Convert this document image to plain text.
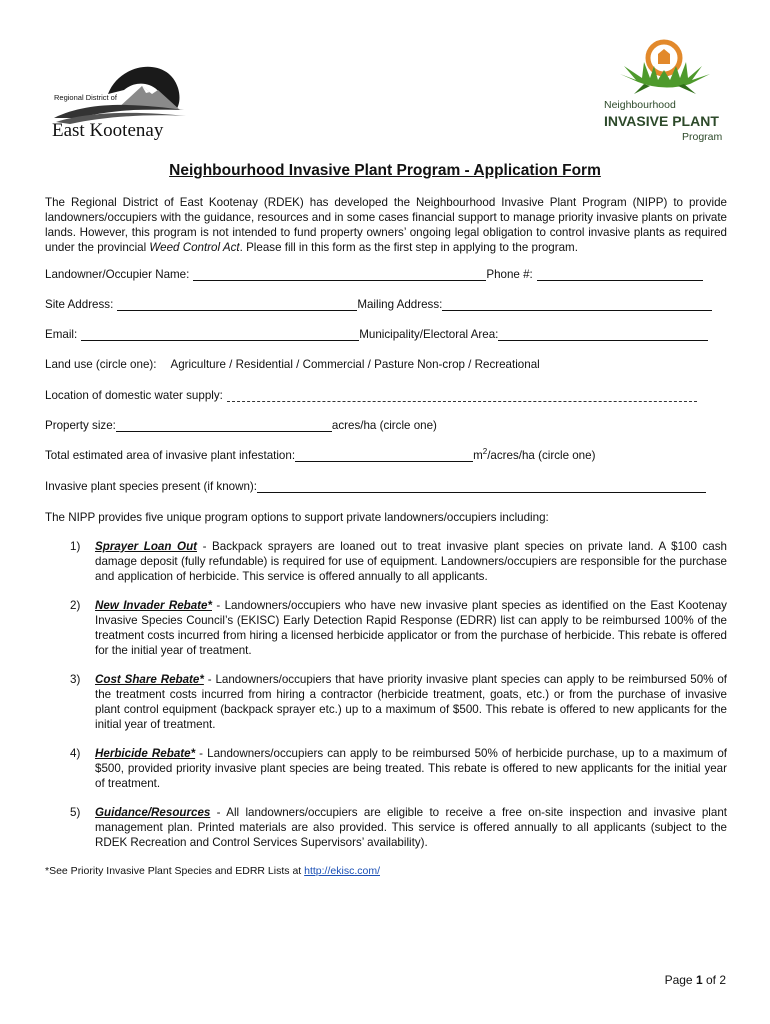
Regional District of
East Kootenay
Neighbourhood
INVASIVE PLANT
Program
Neighbourhood Invasive Plant Program - Application Form
The Regional District of East Kootenay (RDEK) has developed the Neighbourhood Invasive Plant Program (NIPP) to provide landowners/occupiers with the guidance, resources and in some cases financial support to manage priority invasive plants on private lands. However, this program is not intended to fund property owners’ ongoing legal obligation to control invasive plants as required under the provincial Weed Control Act. Please fill in this form as the first step in applying to the program.
Landowner/Occupier Name:	Phone #:
Site Address:	Mailing Address:
Email:	Municipality/Electoral Area:
Land use (circle one): Agriculture / Residential / Commercial / Pasture Non-crop / Recreational
Location of domestic water supply:
Property size:	acres/ha (circle one)
Total estimated area of invasive plant infestation:	$m^2/acres/ha$ (circle one)
Invasive plant species present (if known):
The NIPP provides five unique program options to support private landowners/occupiers including:
1)	Sprayer Loan Out - Backpack sprayers are loaned out to treat invasive plant species on private land. A $100 cash damage deposit (fully refundable) is required for use of equipment. Landowners/occupiers are responsible for the purchase and application of herbicide. This service is offered annually to all applicants.
2)	New Invader Rebate* - Landowners/occupiers who have new invasive plant species as identified on the East Kootenay Invasive Species Council’s (EKISC) Early Detection Rapid Response (EDRR) list can apply to be reimbursed 100% of the treatment costs incurred from hiring a licensed herbicide applicator or from the purchase of herbicide. This rebate is offered for the initial year of treatment.
3)	Cost Share Rebate* - Landowners/occupiers that have priority invasive plant species can apply to be reimbursed 50% of the treatment costs incurred from hiring a contractor (herbicide treatment, goats, etc.) or from the purchase of invasive plant control equipment (backpack sprayer etc.) up to a maximum of $500. This rebate is offered to new applicants for the initial year of treatment.
4)	Herbicide Rebate* - Landowners/occupiers can apply to be reimbursed 50% of herbicide purchase, up to a maximum of $500, provided priority invasive plant species are being treated. This rebate is offered to new applicants for the initial year of treatment.
5)	Guidance/Resources - All landowners/occupiers are eligible to receive a free on-site inspection and invasive plant management plan. Printed materials are also provided. This service is offered annually to all applicants (subject to the RDEK Recreation and Control Services Supervisors’ availability).
*See Priority Invasive Plant Species and EDRR Lists at http://ekisc.com/
Page 1 of 2
